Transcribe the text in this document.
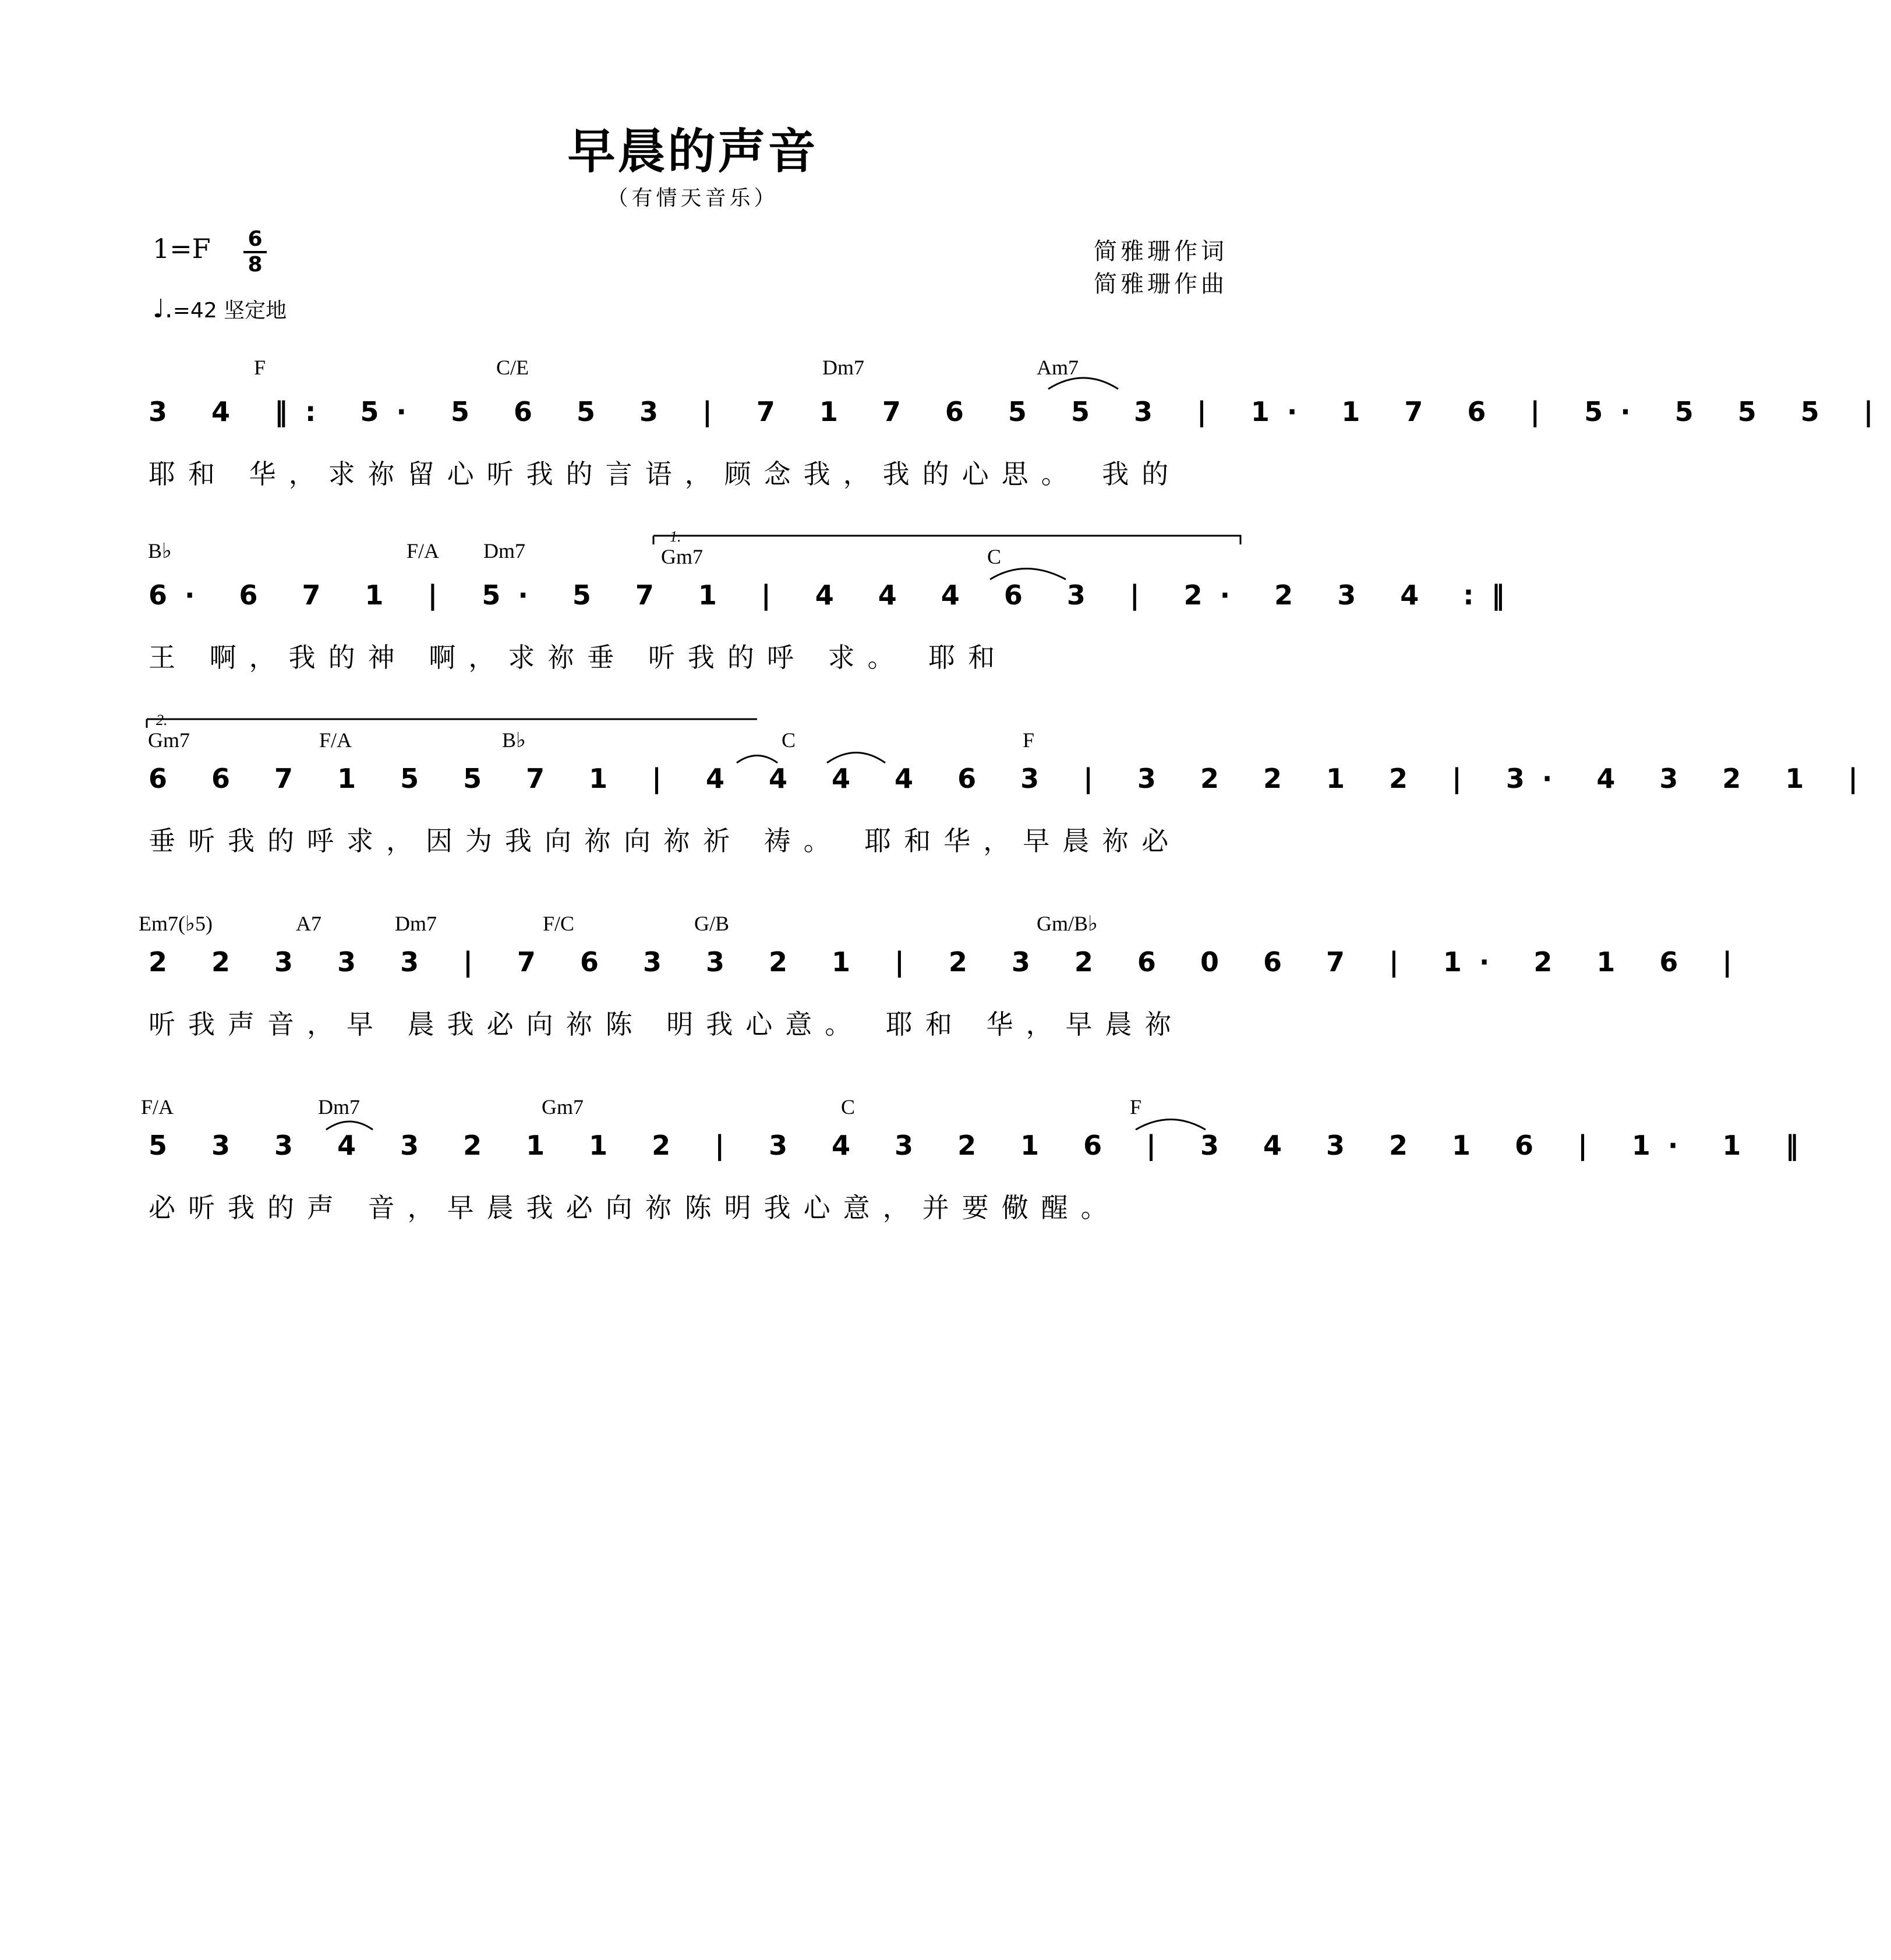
早晨的声音
（有情天音乐）
1=F 6
8
♩.=42 坚定地
简雅珊作词
简雅珊作曲
F	C/E	Dm7	Am7
3 4 ‖: 5· 5 6 5 3 | 7 1 7 6 5 5 3 | 1· 1 7 6 | 5· 5 5 5 |
耶和 华，求祢留心听我的言语，顾念我，我的心思。 我的
B♭	F/A Dm7	Gm7	C
1.
6· 6 7 1 | 5· 5 7 1 | 4 4 4 6 3 | 2· 2 3 4 :‖
王 啊，我的神 啊，求祢垂 听我的呼 求。 耶和
Gm7	F/A	B♭	C	F
2.
6 6 7 1 5 5 7 1 | 4 4 4 4 6 3 | 3 2 2 1 2 | 3· 4 3 2 1 |
垂听我的呼求，因为我向祢向祢祈 祷。 耶和华，早晨祢必
Em7(♭5)	A7	Dm7	F/C	G/B	Gm/B♭
2 2 3 3 3 | 7 6 3 3 2 1 | 2 3 2 6 0 6 7 | 1· 2 1 6 |
听我声音，早 晨我必向祢陈 明我心意。 耶和 华，早晨祢
F/A	Dm7	Gm7	C	F
5 3 3 4 3 2 1 1 2 | 3 4 3 2 1 6 | 3 4 3 2 1 6 | 1· 1 ‖
必听我的声 音，早晨我必向祢陈明我心意，并要儆醒。
